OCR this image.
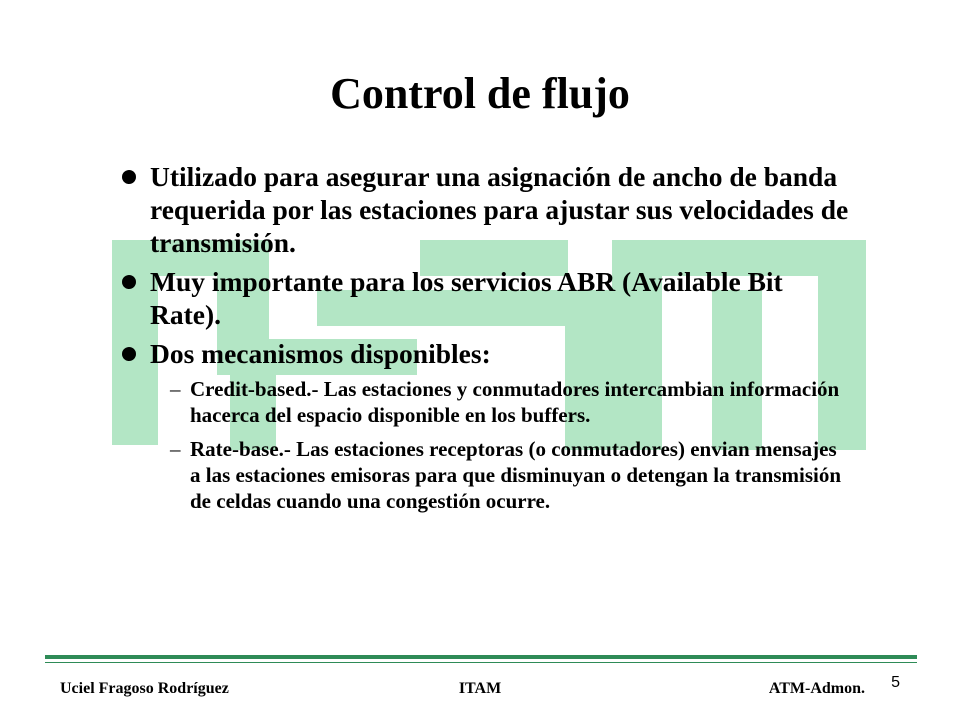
Control de flujo
Utilizado para asegurar una asignación de ancho de banda requerida por las estaciones para ajustar sus velocidades de transmisión.
Muy importante para los servicios ABR (Available Bit Rate).
Dos mecanismos disponibles:
– Credit-based.- Las estaciones y conmutadores intercambian información hacerca del espacio disponible en los buffers.
– Rate-base.- Las estaciones receptoras (o conmutadores) envian mensajes a las estaciones emisoras para que disminuyan o detengan la transmisión de celdas cuando una congestión ocurre.
Uciel Fragoso Rodríguez	ITAM	ATM-Admon. 5
